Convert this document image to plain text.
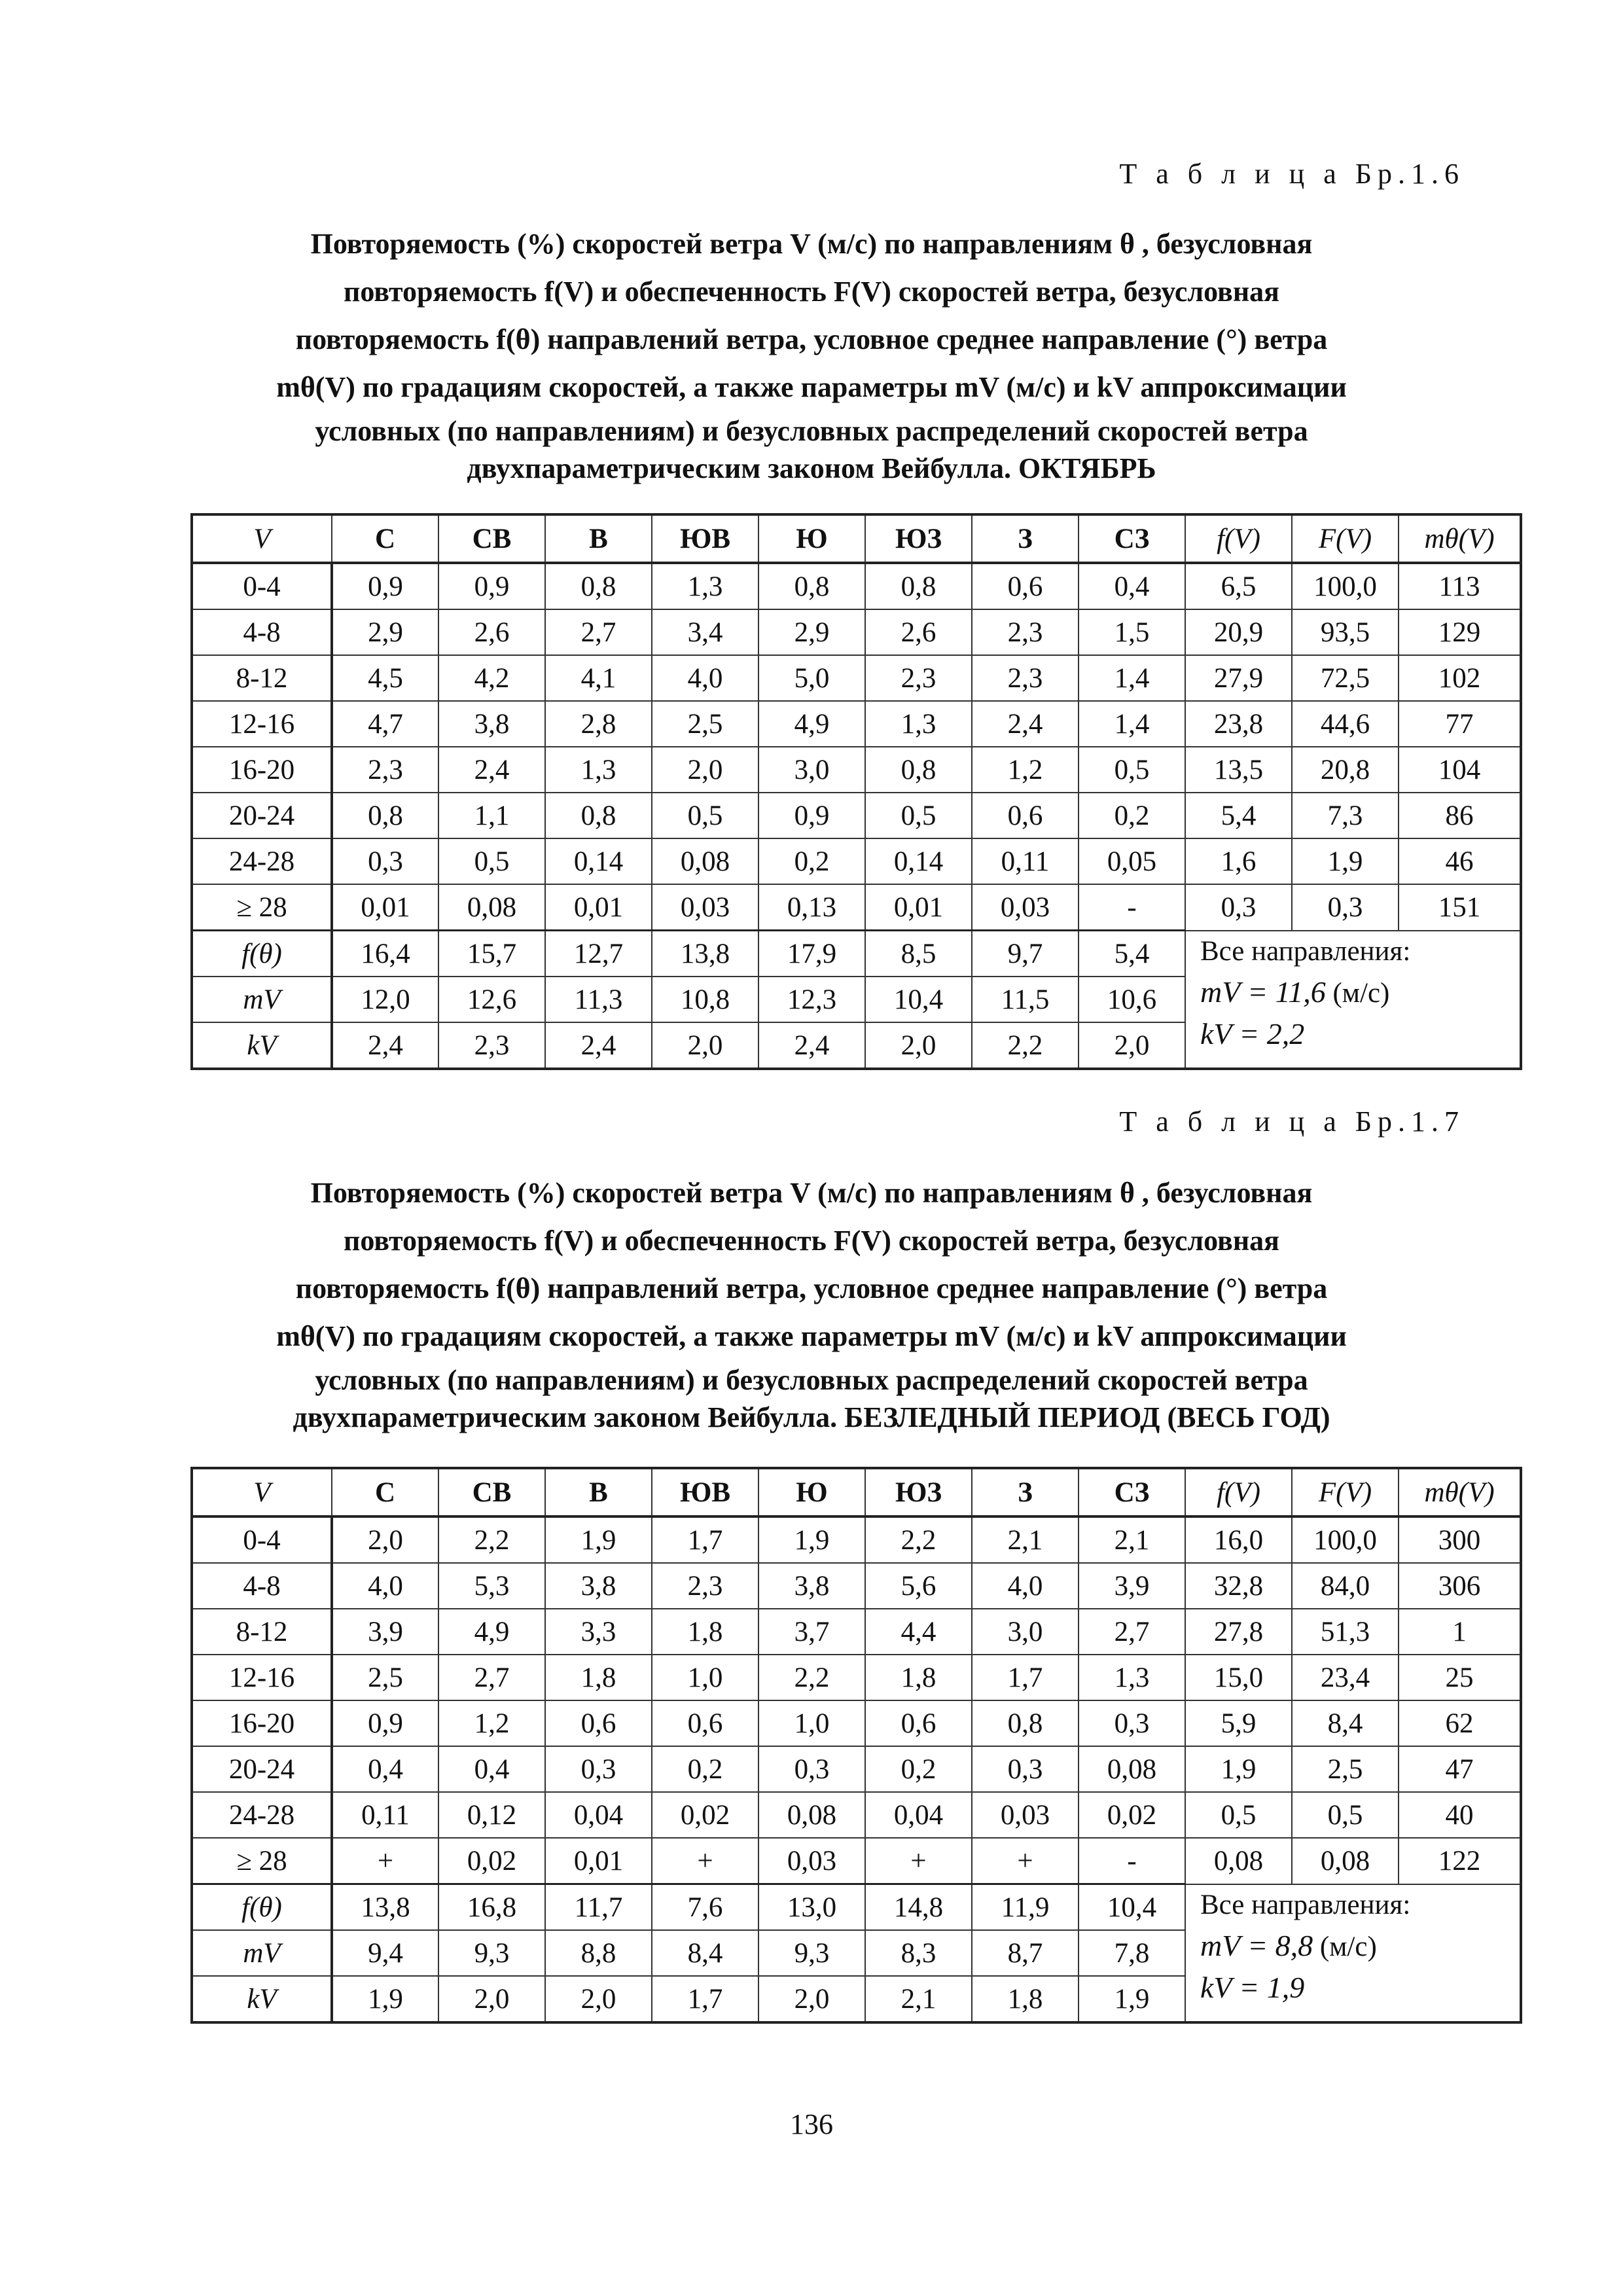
Т а б л и ц а Бр.1.6
Повторяемость (%) скоростей ветра V (м/с) по направлениям θ , безусловная
повторяемость f(V) и обеспеченность F(V) скоростей ветра, безусловная
повторяемость f(θ) направлений ветра, условное среднее направление (°) ветра
mθ(V) по градациям скоростей, а также параметры mV (м/с) и kV аппроксимации
условных (по направлениям) и безусловных распределений скоростей ветра
двухпараметрическим законом Вейбулла. ОКТЯБРЬ
V	С	СВ	В	ЮВ	Ю	ЮЗ	З	СЗ	f(V)	F(V)	mθ(V)
0-4	0,9	0,9	0,8	1,3	0,8	0,8	0,6	0,4	6,5	100,0	113
4-8	2,9	2,6	2,7	3,4	2,9	2,6	2,3	1,5	20,9	93,5	129
8-12	4,5	4,2	4,1	4,0	5,0	2,3	2,3	1,4	27,9	72,5	102
12-16	4,7	3,8	2,8	2,5	4,9	1,3	2,4	1,4	23,8	44,6	77
16-20	2,3	2,4	1,3	2,0	3,0	0,8	1,2	0,5	13,5	20,8	104
20-24	0,8	1,1	0,8	0,5	0,9	0,5	0,6	0,2	5,4	7,3	86
24-28	0,3	0,5	0,14	0,08	0,2	0,14	0,11	0,05	1,6	1,9	46
≥ 28	0,01	0,08	0,01	0,03	0,13	0,01	0,03	-	0,3	0,3	151
f(θ)	16,4	15,7	12,7	13,8	17,9	8,5	9,7	5,4	Все направления:
mV = 11,6 (м/с)
kV = 2,2		

mV	12,0	12,6	11,3	10,8	12,3	10,4	11,5	10,6			
kV	2,4	2,3	2,4	2,0	2,4	2,0	2,2	2,0			
Т а б л и ц а Бр.1.7
Повторяемость (%) скоростей ветра V (м/с) по направлениям θ , безусловная
повторяемость f(V) и обеспеченность F(V) скоростей ветра, безусловная
повторяемость f(θ) направлений ветра, условное среднее направление (°) ветра
mθ(V) по градациям скоростей, а также параметры mV (м/с) и kV аппроксимации
условных (по направлениям) и безусловных распределений скоростей ветра
двухпараметрическим законом Вейбулла. БЕЗЛЕДНЫЙ ПЕРИОД (ВЕСЬ ГОД)
V	С	СВ	В	ЮВ	Ю	ЮЗ	З	СЗ	f(V)	F(V)	mθ(V)
0-4	2,0	2,2	1,9	1,7	1,9	2,2	2,1	2,1	16,0	100,0	300
4-8	4,0	5,3	3,8	2,3	3,8	5,6	4,0	3,9	32,8	84,0	306
8-12	3,9	4,9	3,3	1,8	3,7	4,4	3,0	2,7	27,8	51,3	1
12-16	2,5	2,7	1,8	1,0	2,2	1,8	1,7	1,3	15,0	23,4	25
16-20	0,9	1,2	0,6	0,6	1,0	0,6	0,8	0,3	5,9	8,4	62
20-24	0,4	0,4	0,3	0,2	0,3	0,2	0,3	0,08	1,9	2,5	47
24-28	0,11	0,12	0,04	0,02	0,08	0,04	0,03	0,02	0,5	0,5	40
≥ 28	+	0,02	0,01	+	0,03	+	+	-	0,08	0,08	122
f(θ)	13,8	16,8	11,7	7,6	13,0	14,8	11,9	10,4	Все направления:
mV = 8,8 (м/с)
kV = 1,9		

mV	9,4	9,3	8,8	8,4	9,3	8,3	8,7	7,8			
kV	1,9	2,0	2,0	1,7	2,0	2,1	1,8	1,9			
136
